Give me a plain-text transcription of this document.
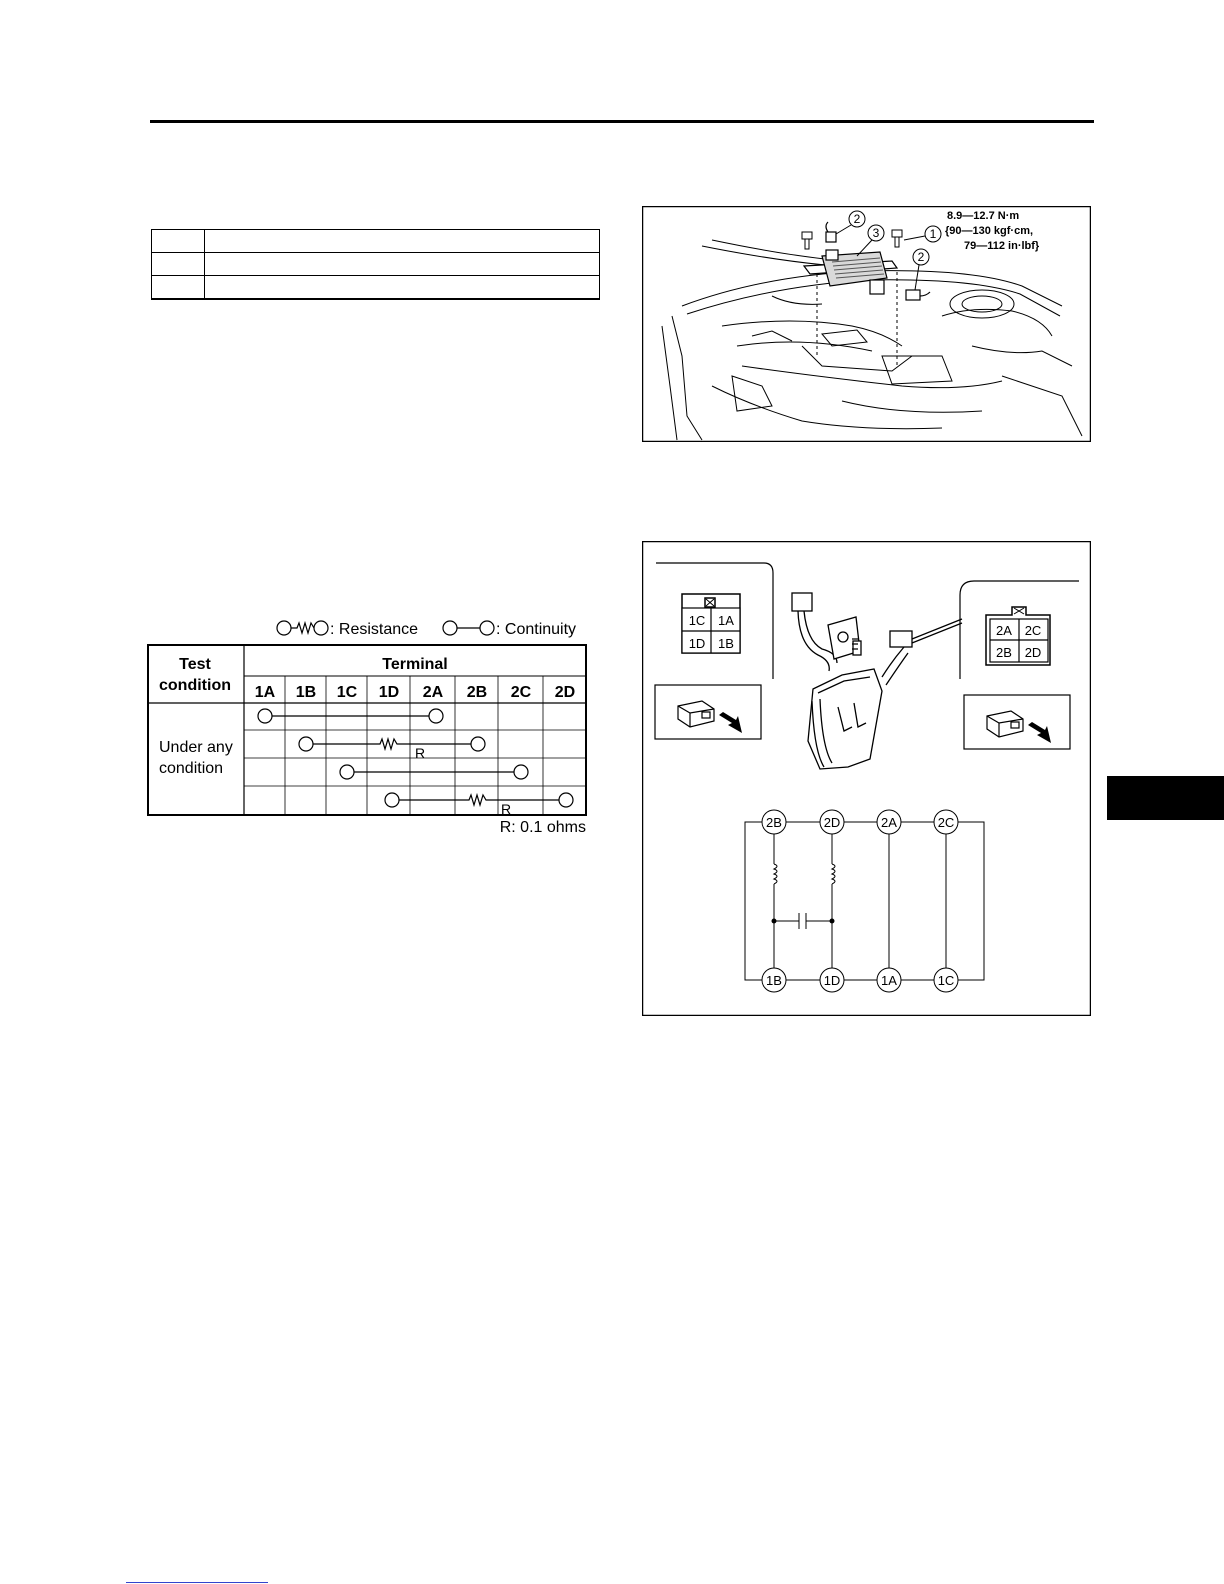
2
3	1
2
8.9—12.7 N·m
{90—130 kgf·cm,
79—112 in·lbf}
: Resistance	: Continuity
Test
condition
Terminal
1A 1B 1C 1D 2A 2B 2C 2D
Under any
condition
R
R
R: 0.1 ohms
1C 1A
1D 1B
2A 2C
2B 2D
2B	2D	2A	2C
1B	1D	1A	1C
